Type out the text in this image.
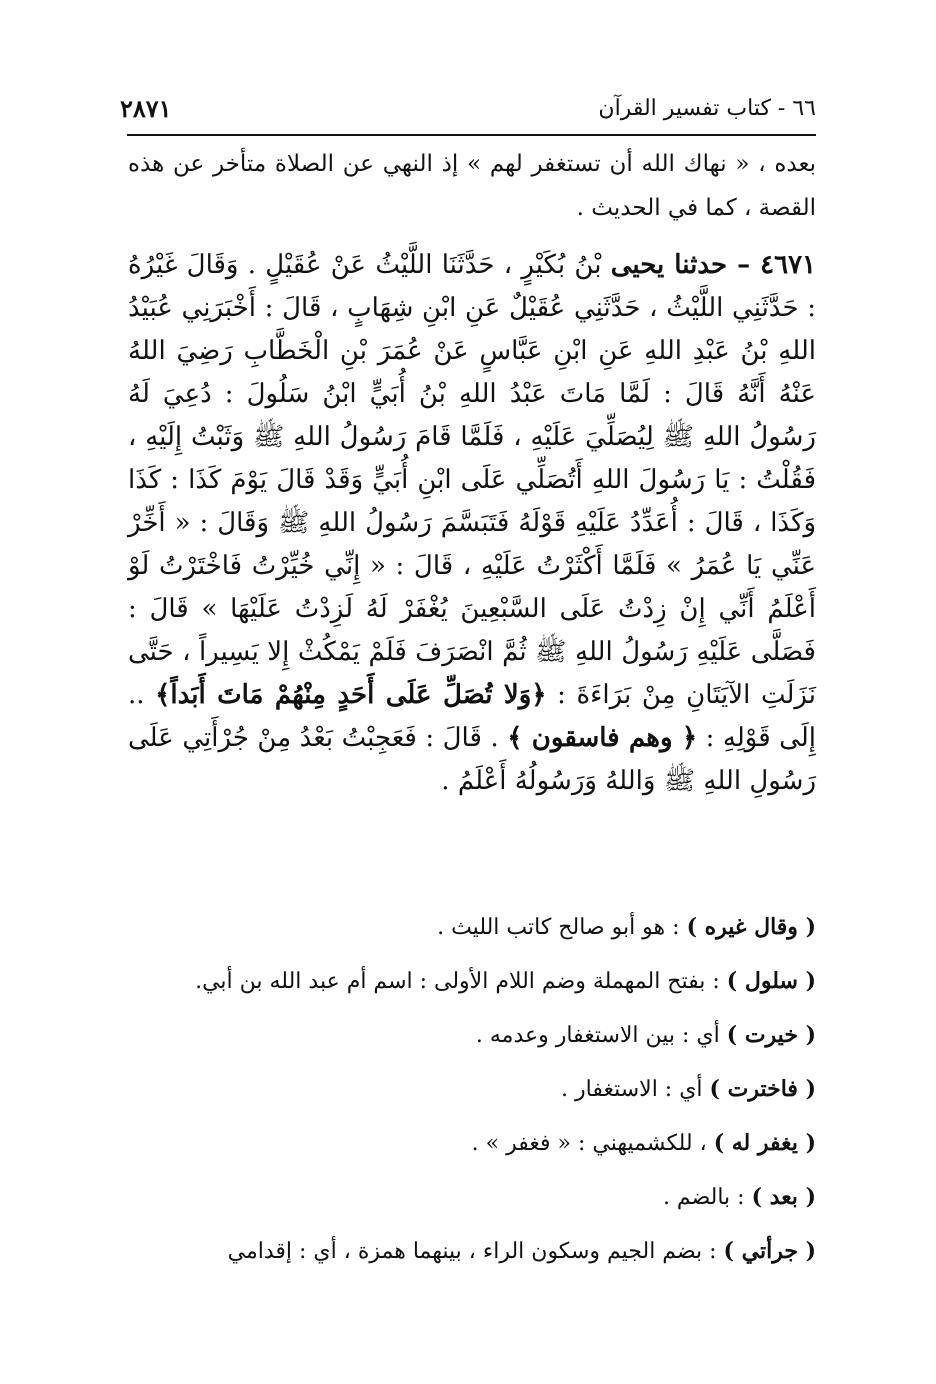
٦٦ - كتاب تفسير القرآن
٢٨٧١

بعده ، « نهاك الله أن تستغفر لهم » إذ النهي عن الصلاة متأخر عن هذه القصة ، كما في الحديث .

٤٦٧١ – حدثنا يحيى بْنُ بُكَيْرٍ ، حَدَّثَنَا اللَّيْثُ عَنْ عُقَيْلٍ . وَقَالَ غَيْرُهُ : حَدَّثَنِي اللَّيْثُ ، حَدَّثَنِي عُقَيْلٌ عَنِ ابْنِ شِهَابٍ ، قَالَ : أَخْبَرَنِي عُبَيْدُ اللهِ بْنُ عَبْدِ اللهِ عَنِ ابْنِ عَبَّاسٍ عَنْ عُمَرَ بْنِ الْخَطَّابِ رَضِيَ اللهُ عَنْهُ أَنَّهُ قَالَ : لَمَّا مَاتَ عَبْدُ اللهِ بْنُ أُبَيٍّ ابْنُ سَلُولَ : دُعِيَ لَهُ رَسُولُ اللهِ ﷺ لِيُصَلِّيَ عَلَيْهِ ، فَلَمَّا قَامَ رَسُولُ اللهِ ﷺ وَثَبْتُ إِلَيْهِ ، فَقُلْتُ : يَا رَسُولَ اللهِ أَتُصَلِّي عَلَى ابْنِ أُبَيٍّ وَقَدْ قَالَ يَوْمَ كَذَا : كَذَا وَكَذَا ، قَالَ : أُعَدِّدُ عَلَيْهِ قَوْلَهُ فَتَبَسَّمَ رَسُولُ اللهِ ﷺ وَقَالَ : « أَخِّرْ عَنِّي يَا عُمَرُ » فَلَمَّا أَكْثَرْتُ عَلَيْهِ ، قَالَ : « إِنِّي خُيِّرْتُ فَاخْتَرْتُ لَوْ أَعْلَمُ أَنِّي إِنْ زِدْتُ عَلَى السَّبْعِينَ يُغْفَرْ لَهُ لَزِدْتُ عَلَيْهَا » قَالَ : فَصَلَّى عَلَيْهِ رَسُولُ اللهِ ﷺ ثُمَّ انْصَرَفَ فَلَمْ يَمْكُثْ إِلا يَسِيراً ، حَتَّى نَزَلَتِ الآيَتَانِ مِنْ بَرَاءَةَ : ﴿وَلا تُصَلِّ عَلَى أَحَدٍ مِنْهُمْ مَاتَ أَبَداً﴾ .. إِلَى قَوْلِهِ : ﴿ وهم فاسقون ﴾ . قَالَ : فَعَجِبْتُ بَعْدُ مِنْ جُرْأَتِي عَلَى رَسُولِ اللهِ ﷺ وَاللهُ وَرَسُولُهُ أَعْلَمُ .

( وقال غيره ) : هو أبو صالح كاتب الليث .

( سلول ) : بفتح المهملة وضم اللام الأولى : اسم أم عبد الله بن أبي.

( خيرت ) أي : بين الاستغفار وعدمه .

( فاخترت ) أي : الاستغفار .

( يغفر له ) ، للكشميهني : « فغفر » .

( بعد ) : بالضم .

( جرأتي ) : بضم الجيم وسكون الراء ، بينهما همزة ، أي : إقدامي
